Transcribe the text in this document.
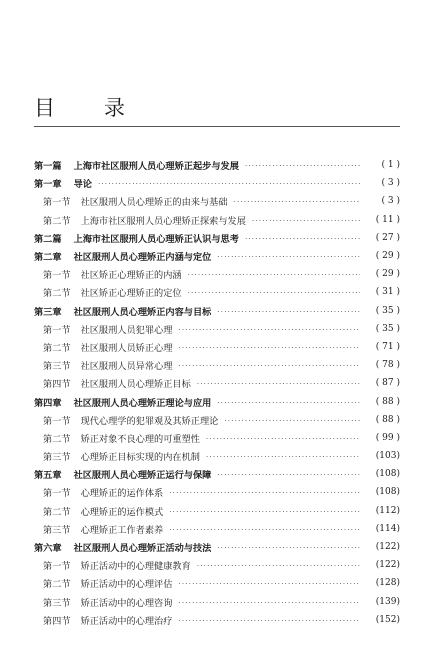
目　录
第一篇 上海市社区服刑人员心理矫正起步与发展 ·····	( 1 )
第一章 导论 ·····	( 3 )
第一节 社区服刑人员心理矫正的由来与基础 ·····	( 3 )
第二节 上海市社区服刑人员心理矫正探索与发展 ·····	( 11 )
第二篇 上海市社区服刑人员心理矫正认识与思考 ·····	( 27 )
第二章 社区服刑人员心理矫正内涵与定位 ·····	( 29 )
第一节 社区矫正心理矫正的内涵 ·····	( 29 )
第二节 社区矫正心理矫正的定位 ·····	( 31 )
第三章 社区服刑人员心理矫正内容与目标 ·····	( 35 )
第一节 社区服刑人员犯罪心理 ·····	( 35 )
第二节 社区服刑人员矫正心理 ·····	( 71 )
第三节 社区服刑人员异常心理 ·····	( 78 )
第四节 社区服刑人员心理矫正目标 ·····	( 87 )
第四章 社区服刑人员心理矫正理论与应用 ·····	( 88 )
第一节 现代心理学的犯罪观及其矫正理论 ·····	( 88 )
第二节 矫正对象不良心理的可重塑性 ·····	( 99 )
第三节 心理矫正目标实现的内在机制 ·····	(103)
第五章 社区服刑人员心理矫正运行与保障 ·····	(108)
第一节 心理矫正的运作体系 ·····	(108)
第二节 心理矫正的运作模式 ·····	(112)
第三节 心理矫正工作者素养 ·····	(114)
第六章 社区服刑人员心理矫正活动与技法 ·····	(122)
第一节 矫正活动中的心理健康教育 ·····	(122)
第二节 矫正活动中的心理评估 ·····	(128)
第三节 矫正活动中的心理咨询 ·····	(139)
第四节 矫正活动中的心理治疗 ·····	(152)
